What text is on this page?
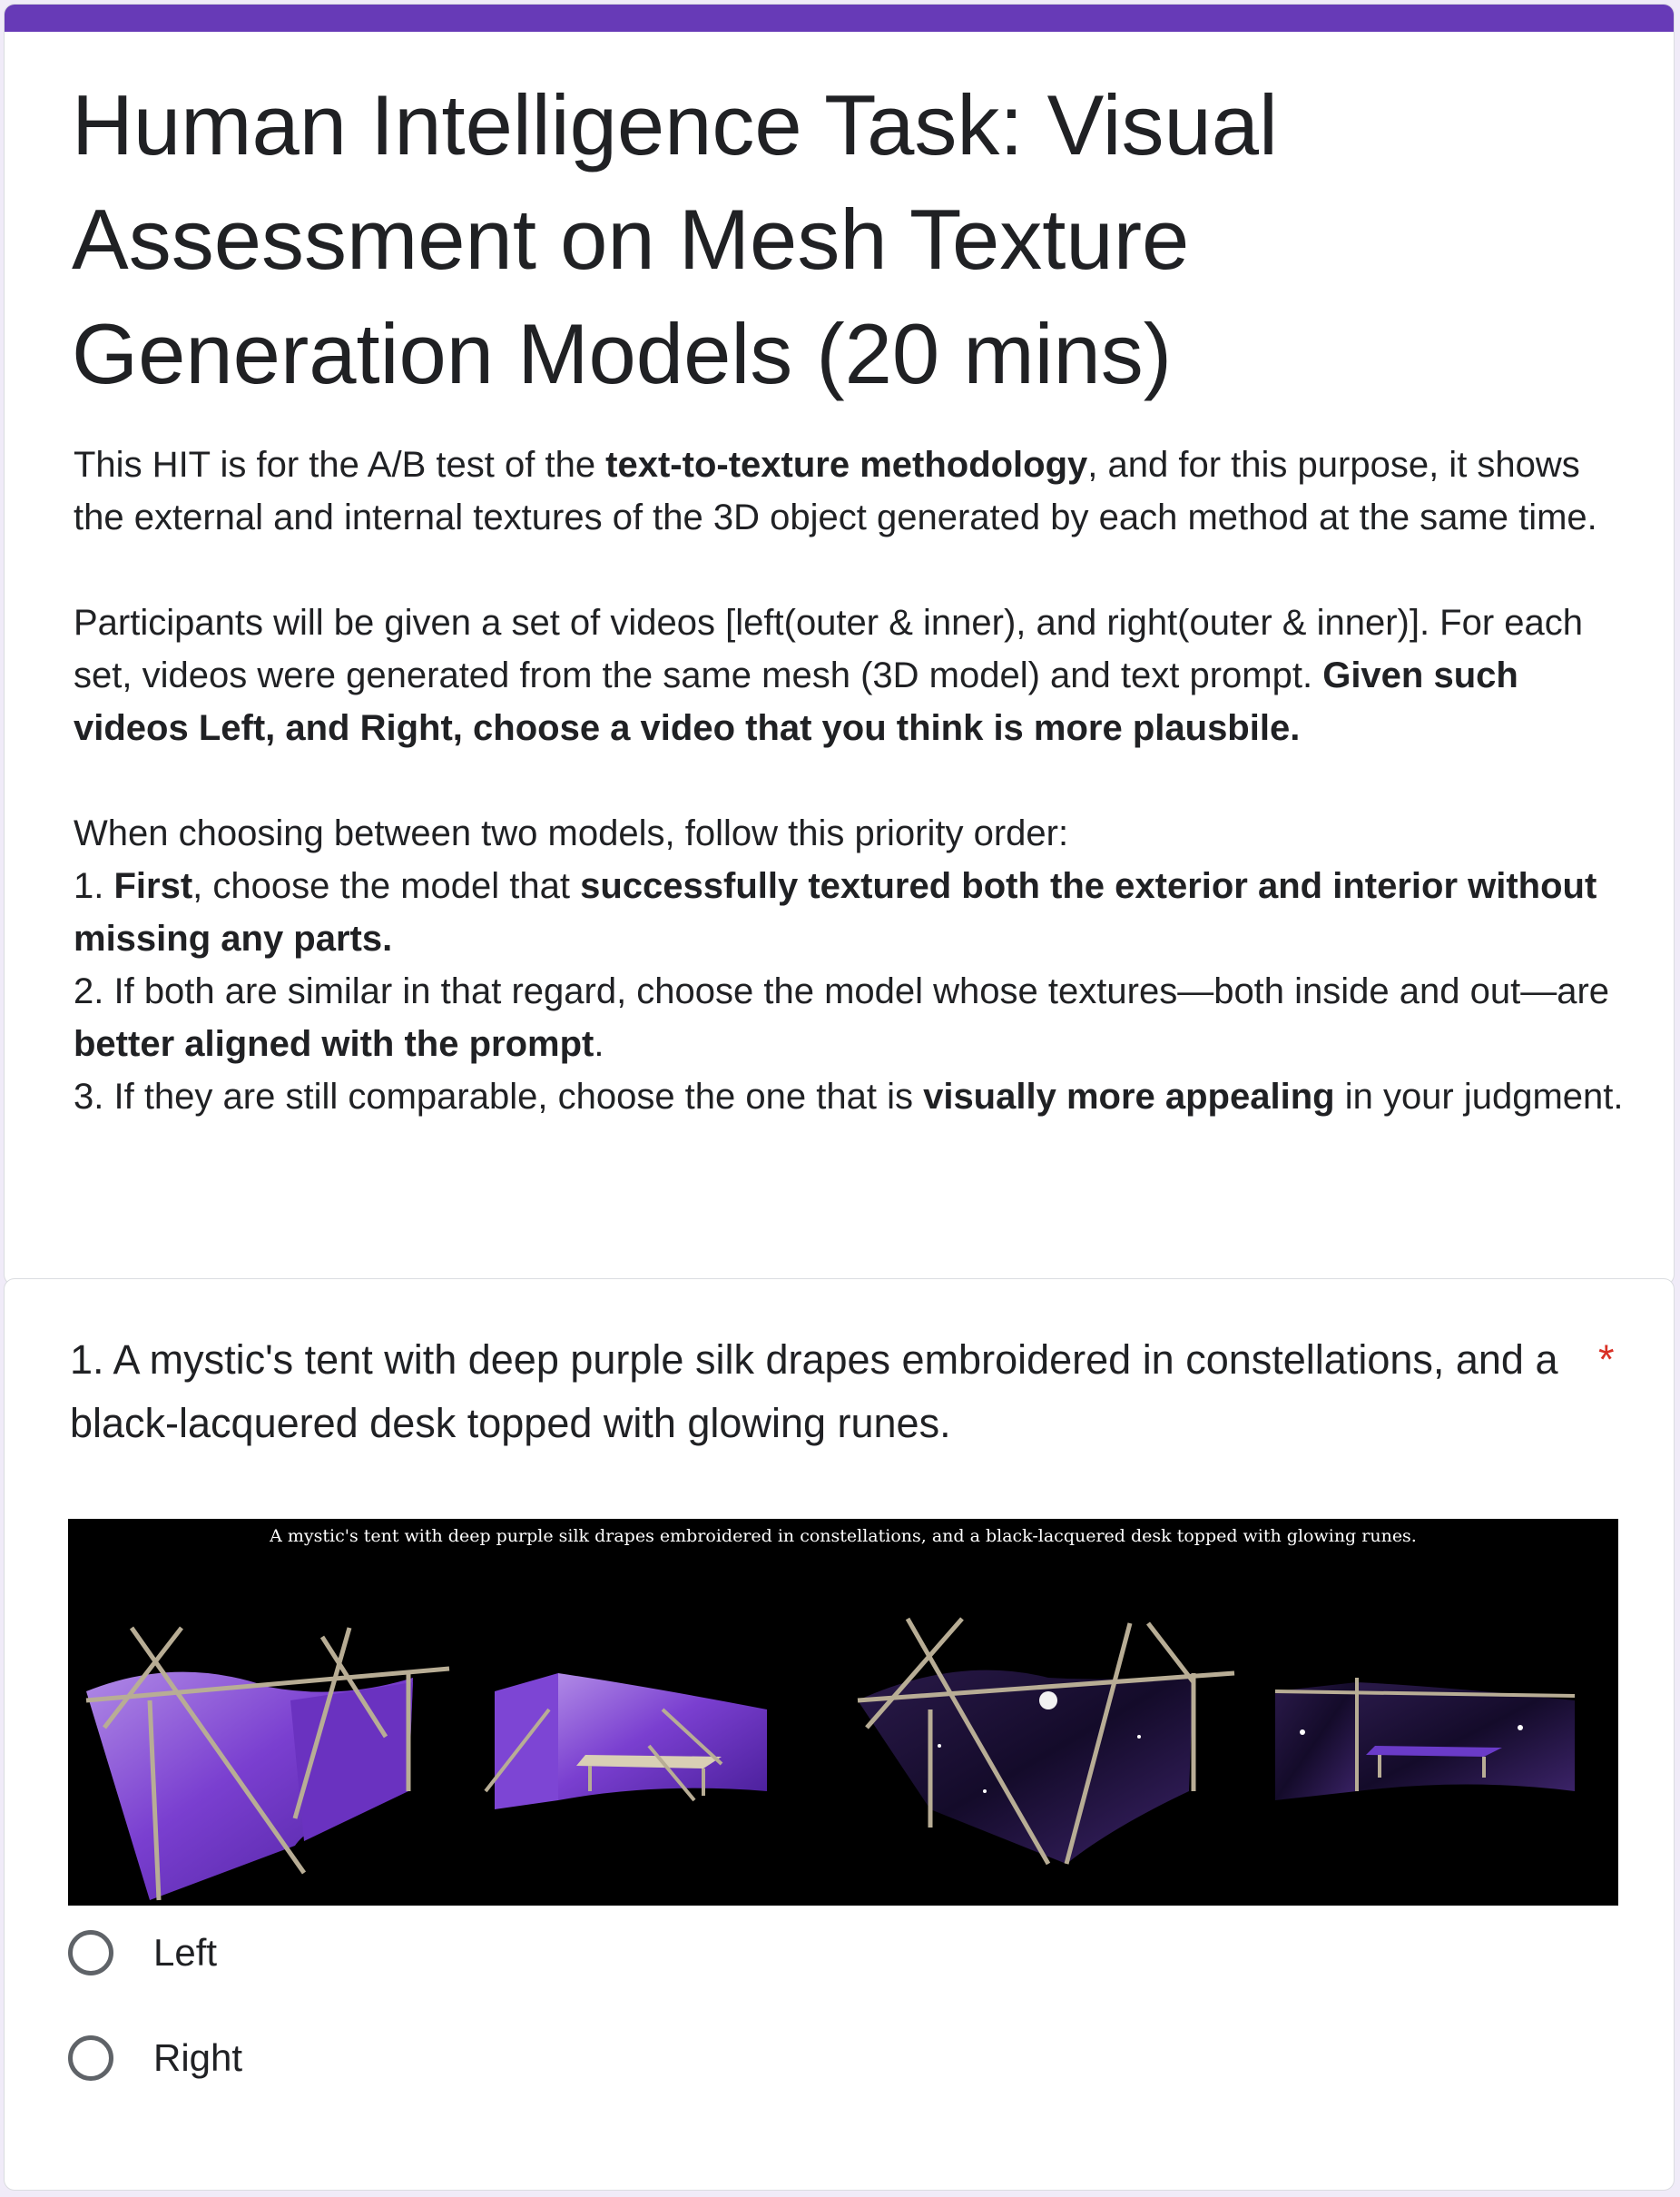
Human Intelligence Task: Visual Assessment on Mesh Texture Generation Models (20 mins)

This HIT is for the A/B test of the text-to-texture methodology, and for this purpose, it shows the external and internal textures of the 3D object generated by each method at the same time.

Participants will be given a set of videos [left(outer & inner), and right(outer & inner)]. For each set, videos were generated from the same mesh (3D model) and text prompt. Given such videos Left, and Right, choose a video that you think is more plausbile.

When choosing between two models, follow this priority order:
1. First, choose the model that successfully textured both the exterior and interior without missing any parts.
2. If both are similar in that regard, choose the model whose textures—both inside and out—are better aligned with the prompt.
3. If they are still comparable, choose the one that is visually more appealing in your judgment.

1. A mystic's tent with deep purple silk drapes embroidered in constellations, and a black-lacquered desk topped with glowing runes.
*
A mystic's tent with deep purple silk drapes embroidered in constellations, and a black-lacquered desk topped with glowing runes.
Left
Right
